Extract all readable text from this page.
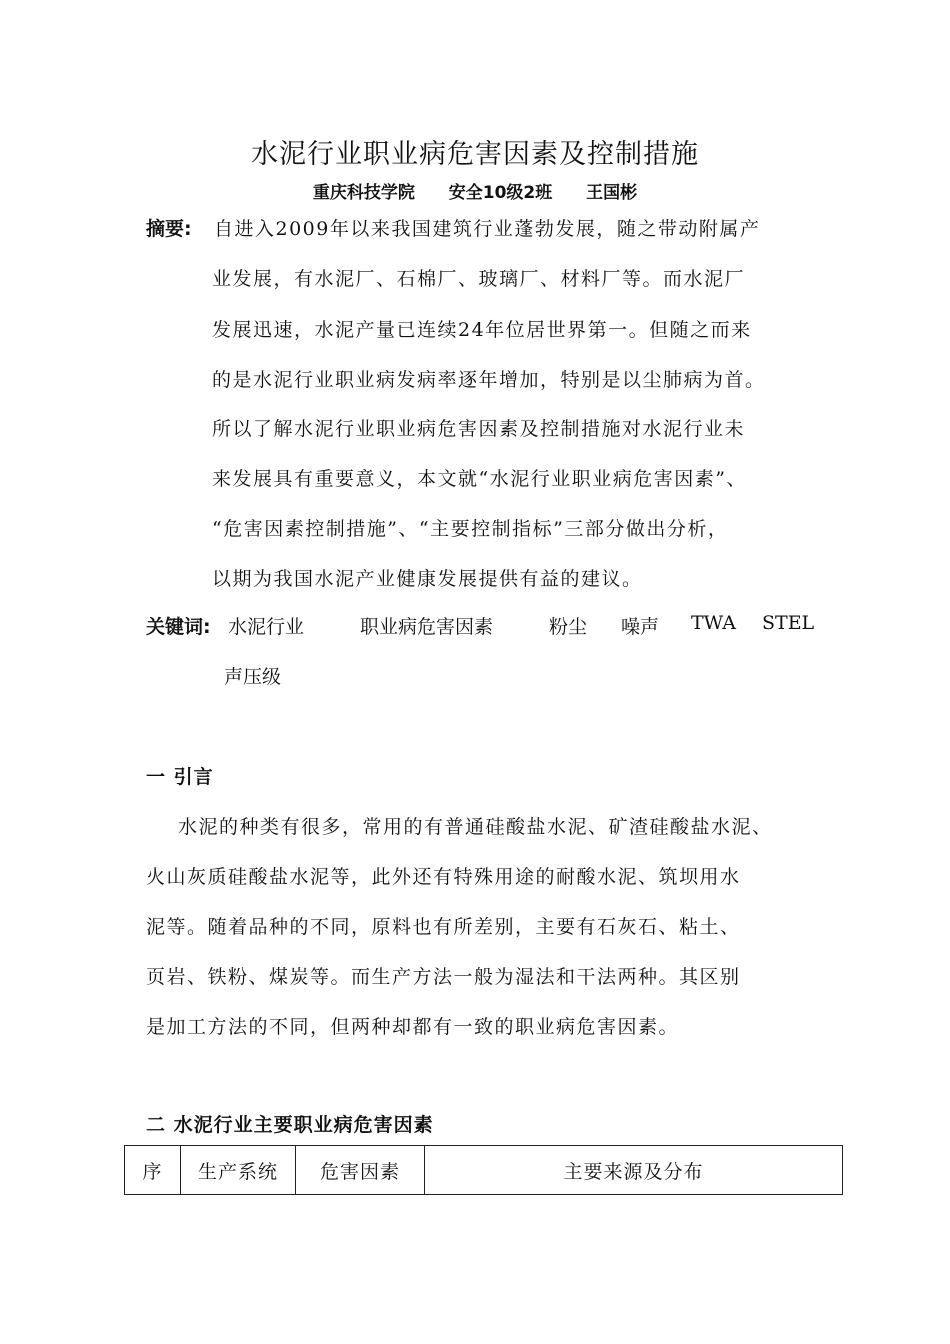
水泥行业职业病危害因素及控制措施
重庆科技学院 安全10级2班 王国彬
摘要: 自进入2009年以来我国建筑行业蓬勃发展，随之带动附属产
业发展，有水泥厂、石棉厂、玻璃厂、材料厂等。而水泥厂
发展迅速，水泥产量已连续24年位居世界第一。但随之而来
的是水泥行业职业病发病率逐年增加，特别是以尘肺病为首。
所以了解水泥行业职业病危害因素及控制措施对水泥行业未
来发展具有重要意义，本文就“水泥行业职业病危害因素”、
“危害因素控制措施”、“主要控制指标”三部分做出分析，
以期为我国水泥产业健康发展提供有益的建议。
关键词: 水泥行业	职业病危害因素	粉尘 噪声 TWA STEL
声压级
一 引言
水泥的种类有很多，常用的有普通硅酸盐水泥、矿渣硅酸盐水泥、
火山灰质硅酸盐水泥等，此外还有特殊用途的耐酸水泥、筑坝用水
泥等。随着品种的不同，原料也有所差别，主要有石灰石、粘土、
页岩、铁粉、煤炭等。而生产方法一般为湿法和干法两种。其区别
是加工方法的不同，但两种却都有一致的职业病危害因素。
二 水泥行业主要职业病危害因素
序	生产系统	危害因素	主要来源及分布
